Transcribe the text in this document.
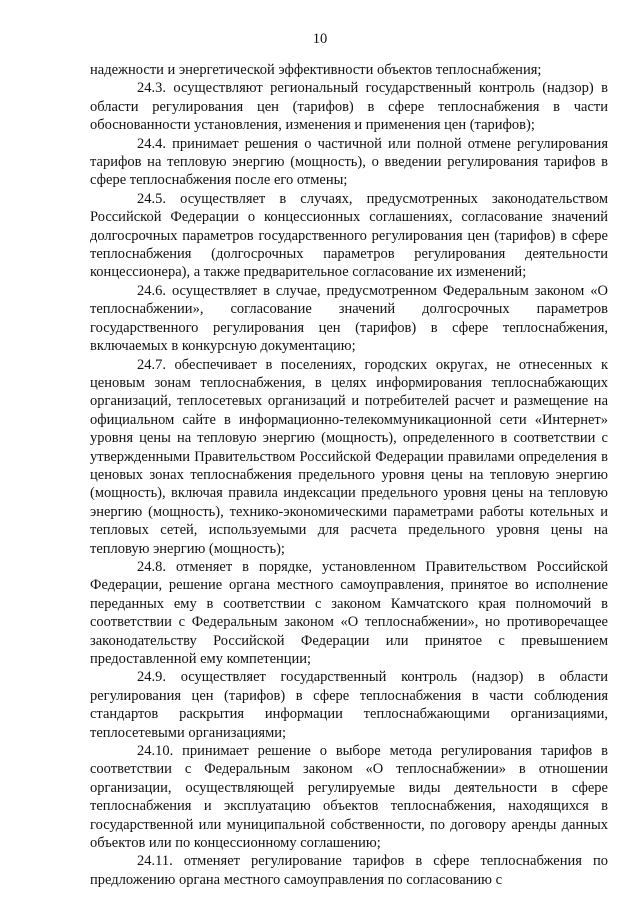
10

надежности и энергетической эффективности объектов теплоснабжения;

24.3. осуществляют региональный государственный контроль (надзор) в области регулирования цен (тарифов) в сфере теплоснабжения в части обоснованности установления, изменения и применения цен (тарифов);

24.4. принимает решения о частичной или полной отмене регулирования тарифов на тепловую энергию (мощность), о введении регулирования тарифов в сфере теплоснабжения после его отмены;

24.5. осуществляет в случаях, предусмотренных законодательством Российской Федерации о концессионных соглашениях, согласование значений долгосрочных параметров государственного регулирования цен (тарифов) в сфере теплоснабжения (долгосрочных параметров регулирования деятельности концессионера), а также предварительное согласование их изменений;

24.6. осуществляет в случае, предусмотренном Федеральным законом «О теплоснабжении», согласование значений долгосрочных параметров государственного регулирования цен (тарифов) в сфере теплоснабжения, включаемых в конкурсную документацию;

24.7. обеспечивает в поселениях, городских округах, не отнесенных к ценовым зонам теплоснабжения, в целях информирования теплоснабжающих организаций, теплосетевых организаций и потребителей расчет и размещение на официальном сайте в информационно-телекоммуникационной сети «Интернет» уровня цены на тепловую энергию (мощность), определенного в соответствии с утвержденными Правительством Российской Федерации правилами определения в ценовых зонах теплоснабжения предельного уровня цены на тепловую энергию (мощность), включая правила индексации предельного уровня цены на тепловую энергию (мощность), технико-экономическими параметрами работы котельных и тепловых сетей, используемыми для расчета предельного уровня цены на тепловую энергию (мощность);

24.8. отменяет в порядке, установленном Правительством Российской Федерации, решение органа местного самоуправления, принятое во исполнение переданных ему в соответствии с законом Камчатского края полномочий в соответствии с Федеральным законом «О теплоснабжении», но противоречащее законодательству Российской Федерации или принятое с превышением предоставленной ему компетенции;

24.9. осуществляет государственный контроль (надзор) в области регулирования цен (тарифов) в сфере теплоснабжения в части соблюдения стандартов раскрытия информации теплоснабжающими организациями, теплосетевыми организациями;

24.10. принимает решение о выборе метода регулирования тарифов в соответствии с Федеральным законом «О теплоснабжении» в отношении организации, осуществляющей регулируемые виды деятельности в сфере теплоснабжения и эксплуатацию объектов теплоснабжения, находящихся в государственной или муниципальной собственности, по договору аренды данных объектов или по концессионному соглашению;

24.11. отменяет регулирование тарифов в сфере теплоснабжения по предложению органа местного самоуправления по согласованию с
